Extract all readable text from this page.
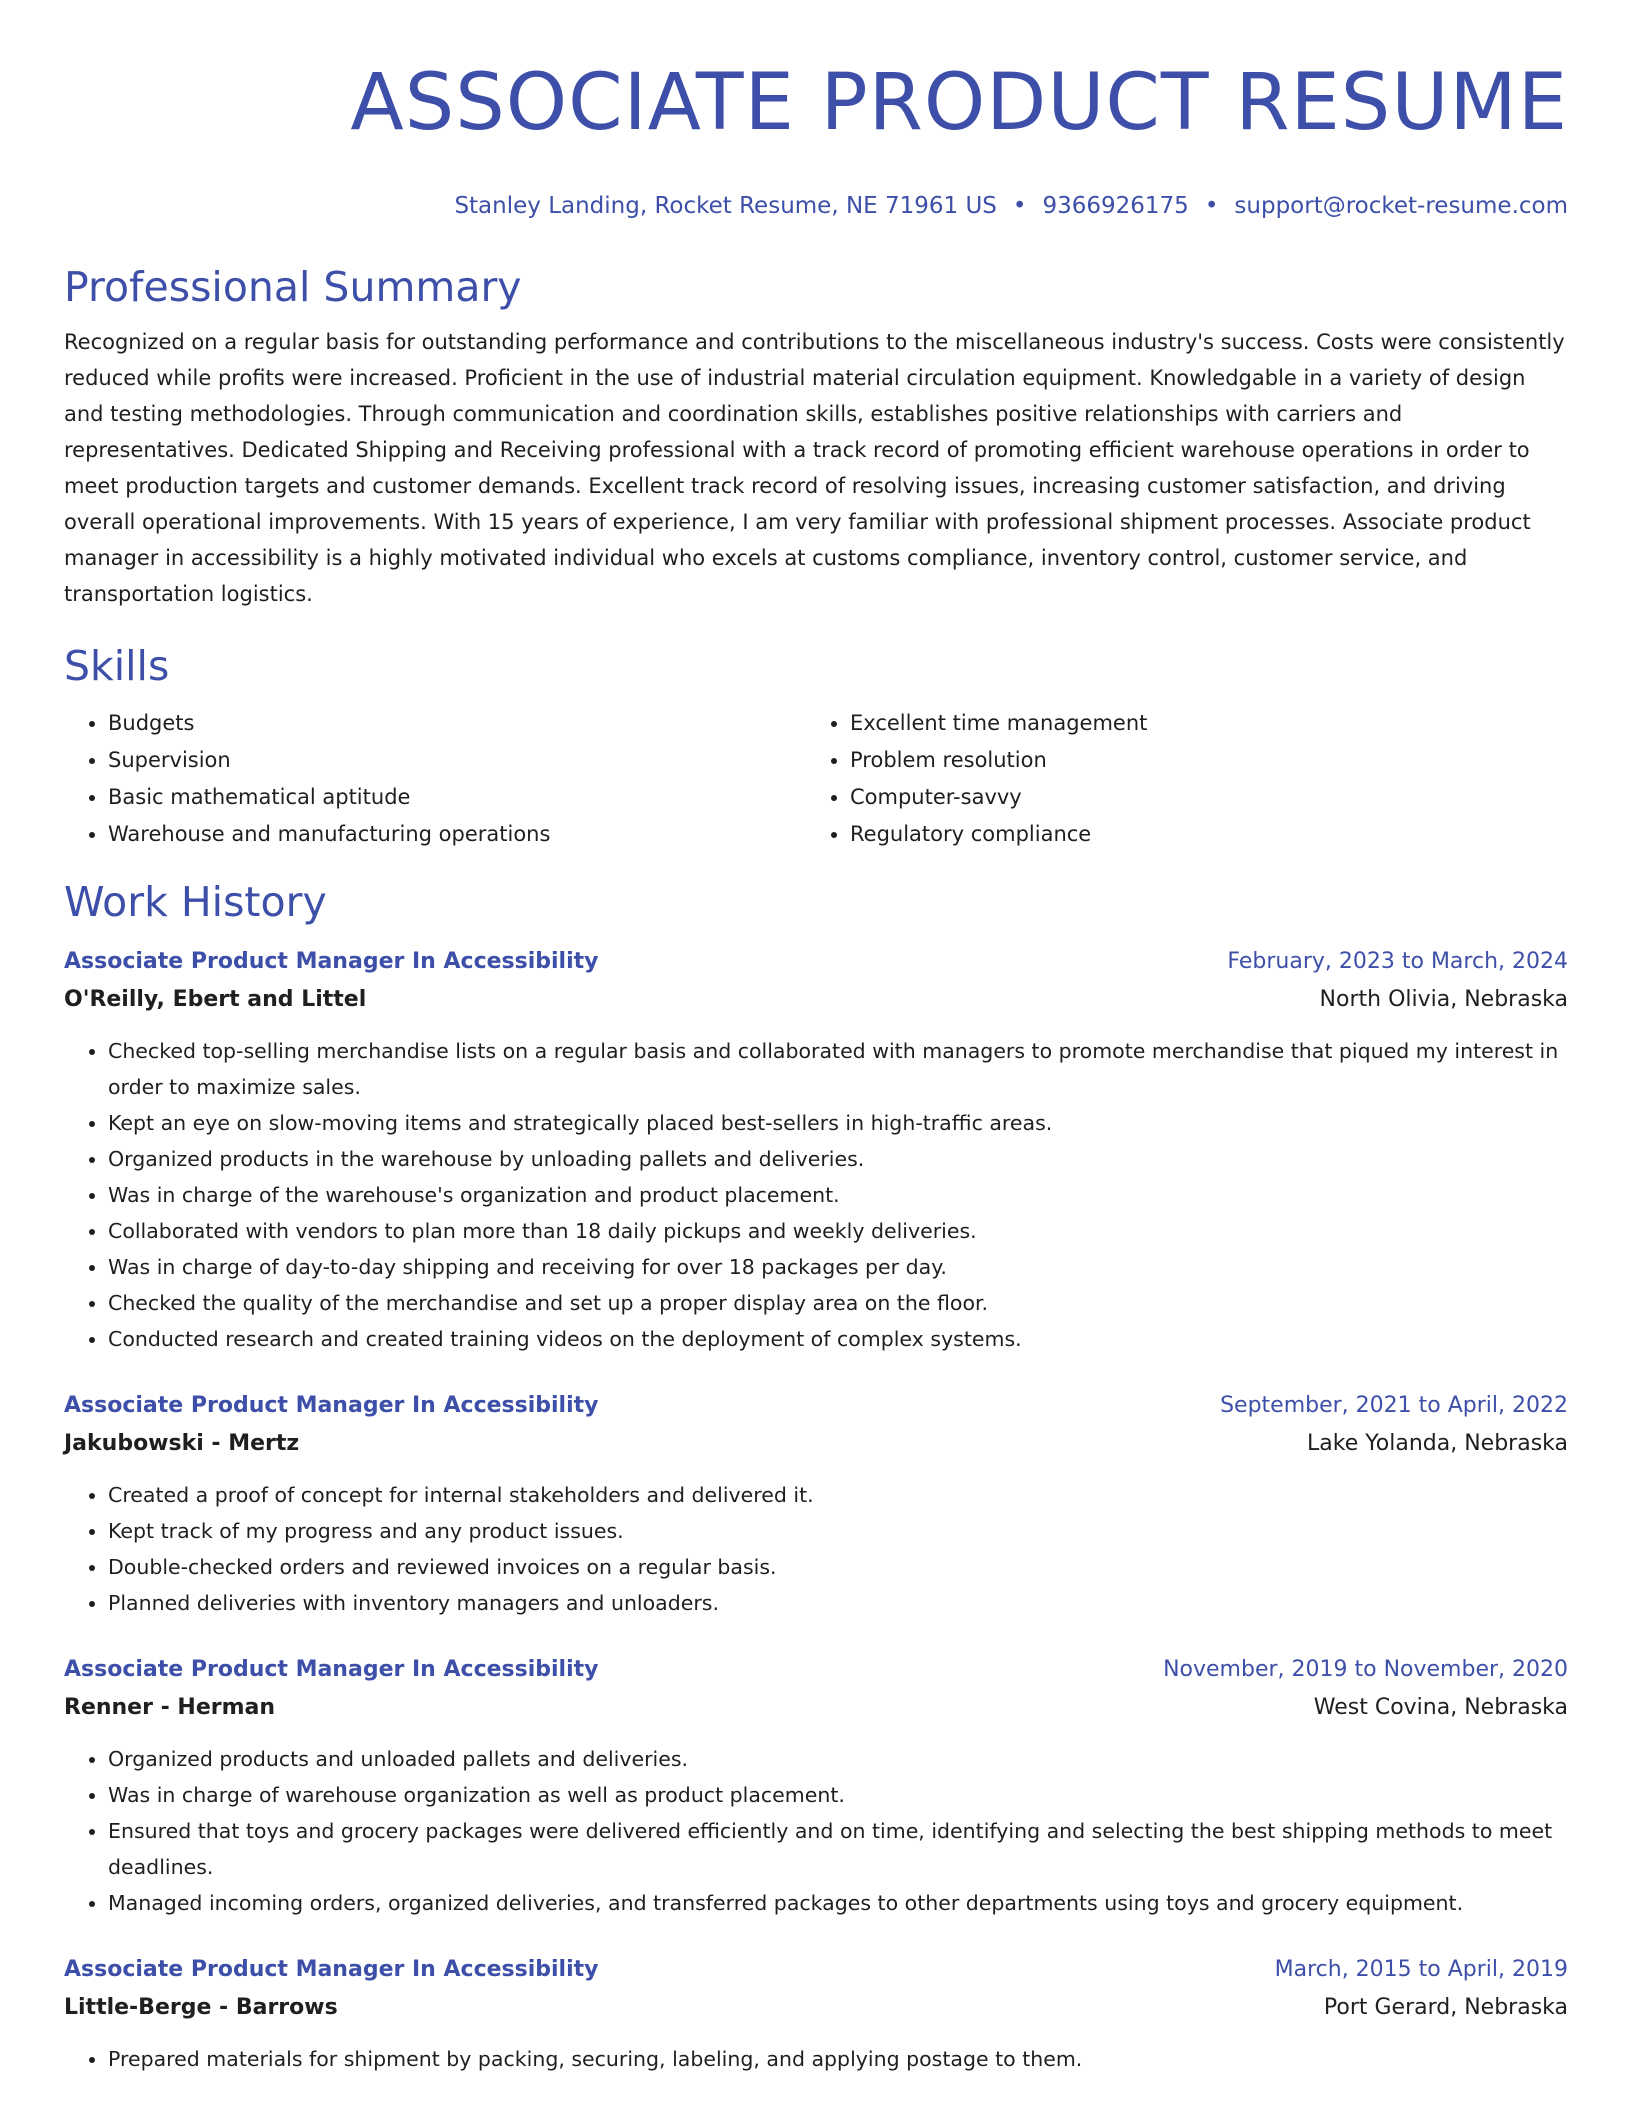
ASSOCIATE PRODUCT RESUME
Stanley Landing, Rocket Resume, NE 71961 US • 9366926175 • support@rocket-resume.com
Professional Summary
Recognized on a regular basis for outstanding performance and contributions to the miscellaneous industry's success. Costs were consistently reduced while profits were increased. Proficient in the use of industrial material circulation equipment. Knowledgable in a variety of design and testing methodologies. Through communication and coordination skills, establishes positive relationships with carriers and representatives. Dedicated Shipping and Receiving professional with a track record of promoting efficient warehouse operations in order to meet production targets and customer demands. Excellent track record of resolving issues, increasing customer satisfaction, and driving overall operational improvements. With 15 years of experience, I am very familiar with professional shipment processes. Associate product manager in accessibility is a highly motivated individual who excels at customs compliance, inventory control, customer service, and transportation logistics.
Skills
• Budgets
• Supervision
• Basic mathematical aptitude
• Warehouse and manufacturing operations
• Excellent time management
• Problem resolution
• Computer-savvy
• Regulatory compliance
Work History
Associate Product Manager In Accessibility	February, 2023 to March, 2024
O'Reilly, Ebert and Littel	North Olivia, Nebraska
• Checked top-selling merchandise lists on a regular basis and collaborated with managers to promote merchandise that piqued my interest in order to maximize sales.
• Kept an eye on slow-moving items and strategically placed best-sellers in high-traffic areas.
• Organized products in the warehouse by unloading pallets and deliveries.
• Was in charge of the warehouse's organization and product placement.
• Collaborated with vendors to plan more than 18 daily pickups and weekly deliveries.
• Was in charge of day-to-day shipping and receiving for over 18 packages per day.
• Checked the quality of the merchandise and set up a proper display area on the floor.
• Conducted research and created training videos on the deployment of complex systems.
Associate Product Manager In Accessibility	September, 2021 to April, 2022
Jakubowski - Mertz	Lake Yolanda, Nebraska
• Created a proof of concept for internal stakeholders and delivered it.
• Kept track of my progress and any product issues.
• Double-checked orders and reviewed invoices on a regular basis.
• Planned deliveries with inventory managers and unloaders.
Associate Product Manager In Accessibility	November, 2019 to November, 2020
Renner - Herman	West Covina, Nebraska
• Organized products and unloaded pallets and deliveries.
• Was in charge of warehouse organization as well as product placement.
• Ensured that toys and grocery packages were delivered efficiently and on time, identifying and selecting the best shipping methods to meet deadlines.
• Managed incoming orders, organized deliveries, and transferred packages to other departments using toys and grocery equipment.
Associate Product Manager In Accessibility	March, 2015 to April, 2019
Little-Berge - Barrows	Port Gerard, Nebraska
• Prepared materials for shipment by packing, securing, labeling, and applying postage to them.
